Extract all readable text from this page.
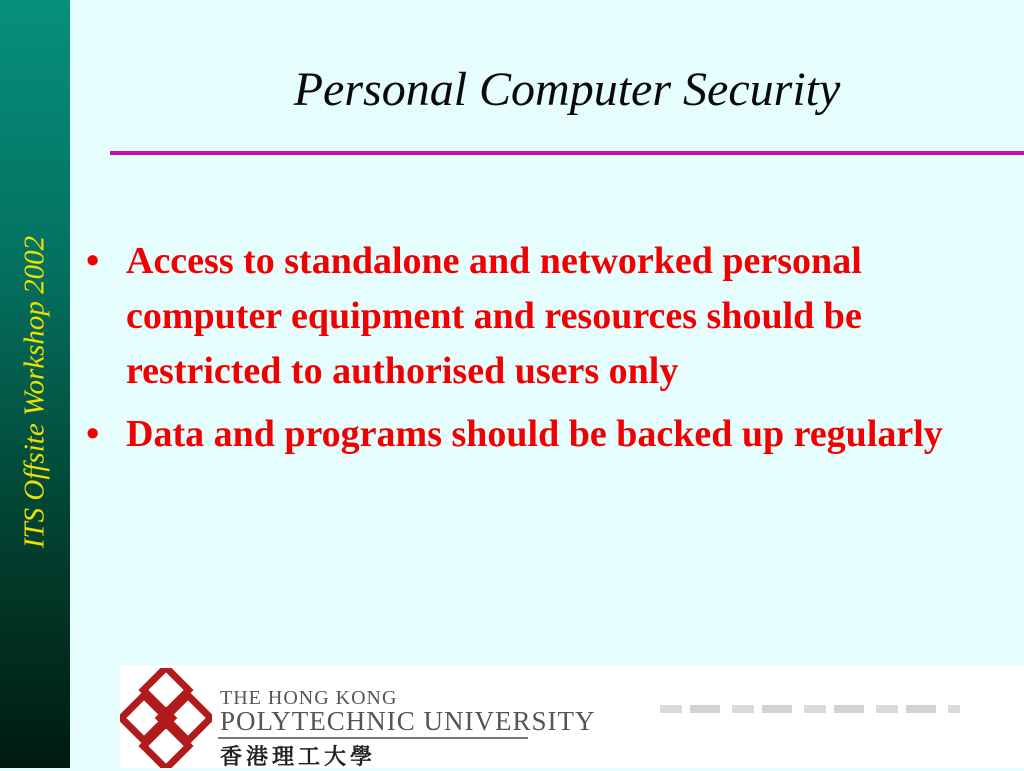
ITS Offsite Workshop 2002
Personal Computer Security
• Access to standalone and networked personal computer equipment and resources should be restricted to authorised users only
• Data and programs should be backed up regularly
THE HONG KONG
POLYTECHNIC UNIVERSITY
香港理工大學
